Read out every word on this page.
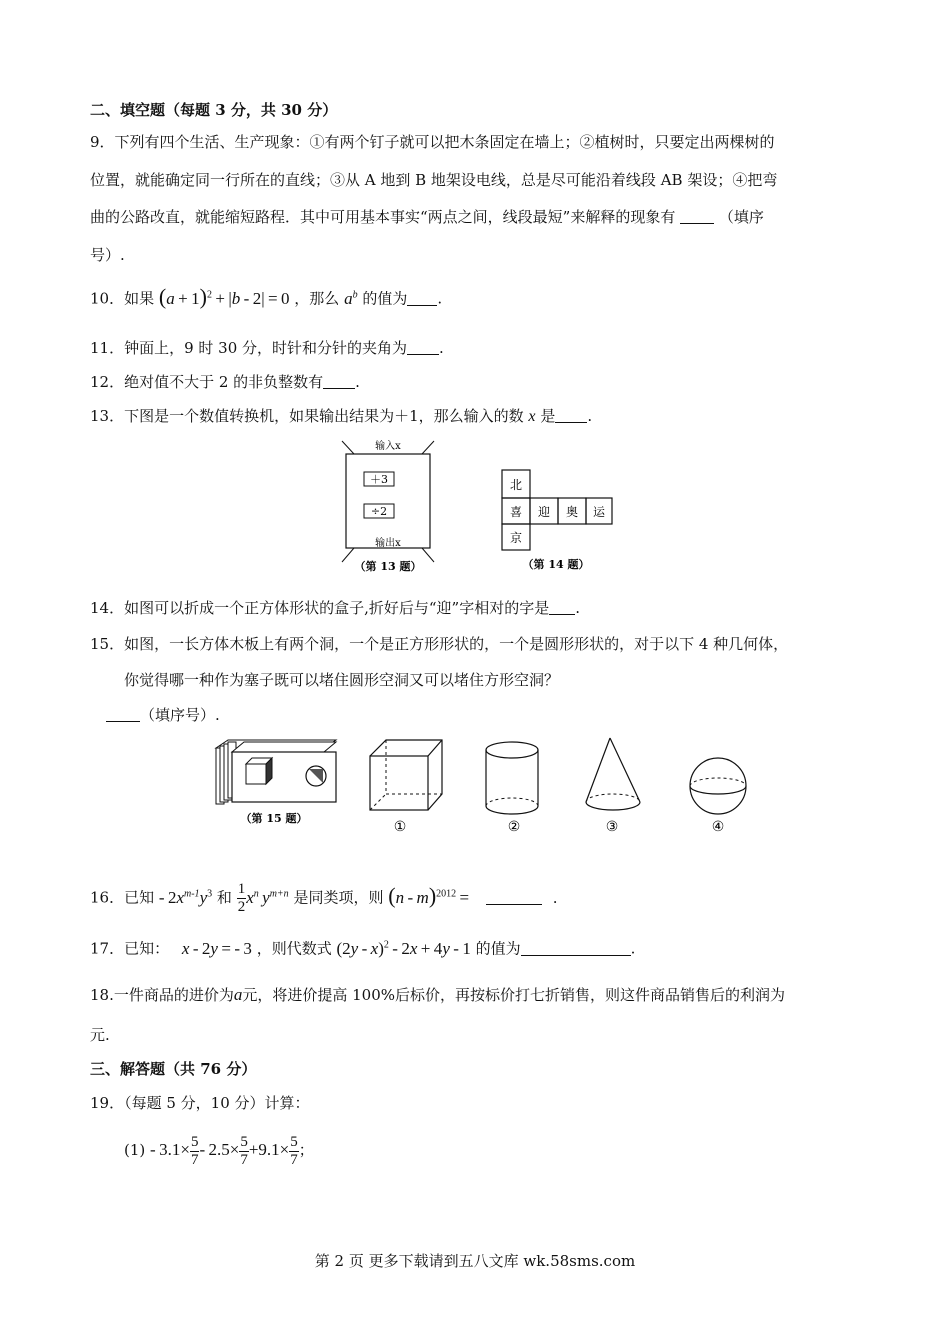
二、填空题（每题 3 分，共 30 分）
9．下列有四个生活、生产现象：①有两个钉子就可以把木条固定在墙上；②植树时，只要定出两棵树的
位置，就能确定同一行所在的直线；③从 A 地到 B 地架设电线，总是尽可能沿着线段 AB 架设；④把弯
曲的公路改直，就能缩短路程．其中可用基本事实“两点之间，线段最短”来解释的现象有	（填序
号）.
10．如果 $(a + 1)^2 + |b - 2| = 0$ ，那么 $a^b$ 的值为 .
11．钟面上，9 时 30 分，时针和分针的夹角为 .
12．绝对值不大于 2 的非负整数有 .
13．下图是一个数值转换机，如果输出结果为＋1，那么输入的数 x 是 .
输入x
＋3
÷2
输出x
（第 13 题）
北
喜 迎 奥 运
京
（第 14 题）
14．如图可以折成一个正方体形状的盒子,折好后与“迎”字相对的字是 .
15．如图，一长方体木板上有两个洞，一个是正方形形状的，一个是圆形形状的，对于以下 4 种几何体，
你觉得哪一种作为塞子既可以堵住圆形空洞又可以堵住方形空洞？
（填序号）.
（第 15 题）
①	②	③	④
16．已知 - $2x^{m-1}y^3$ 和 $\frac{1}{2} x^n$  $y^{m+n}$ 是同类项，则 (n - m)$^{2012}$ =	.
17．已知： x - 2y = - 3 ，则代数式 (2y - x)$^2$ - 2x + 4y - 1 的值为	.
18.一件商品的进价为a元，将进价提高 100%后标价，再按标价打七折销售，则这件商品销售后的利润为
元.
三、解答题（共 76 分）
19．（每题 5 分，10 分）计算：
$(1) - 3.1\times \frac{5}{7} - 2.5\times \frac{5}{7} +9.1\times \frac{5}{7}$ ；
第 2 页 更多下载请到五八文库 wk.58sms.com
